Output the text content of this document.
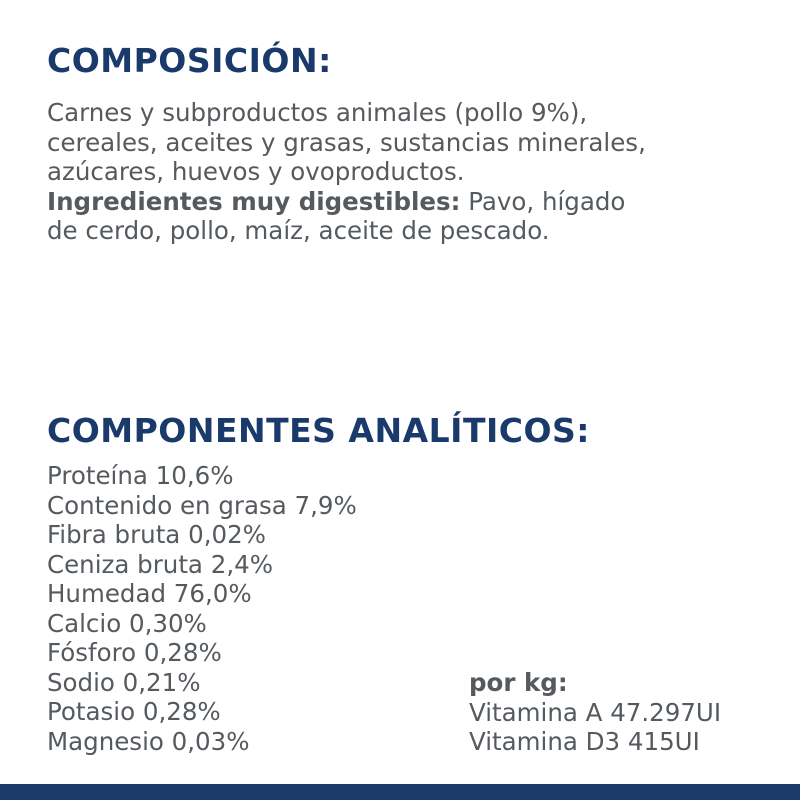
COMPOSICIÓN:

Carnes y subproductos animales (pollo 9%),
cereales, aceites y grasas, sustancias minerales,
azúcares, huevos y ovoproductos.
Ingredientes muy digestibles: Pavo, hígado
de cerdo, pollo, maíz, aceite de pescado.

COMPONENTES ANALÍTICOS:
Proteína 10,6%
Contenido en grasa 7,9%
Fibra bruta 0,02%
Ceniza bruta 2,4%
Humedad 76,0%
Calcio 0,30%
Fósforo 0,28%
Sodio 0,21%
Potasio 0,28%
Magnesio 0,03%
por kg:
Vitamina A 47.297UI
Vitamina D3 415UI
